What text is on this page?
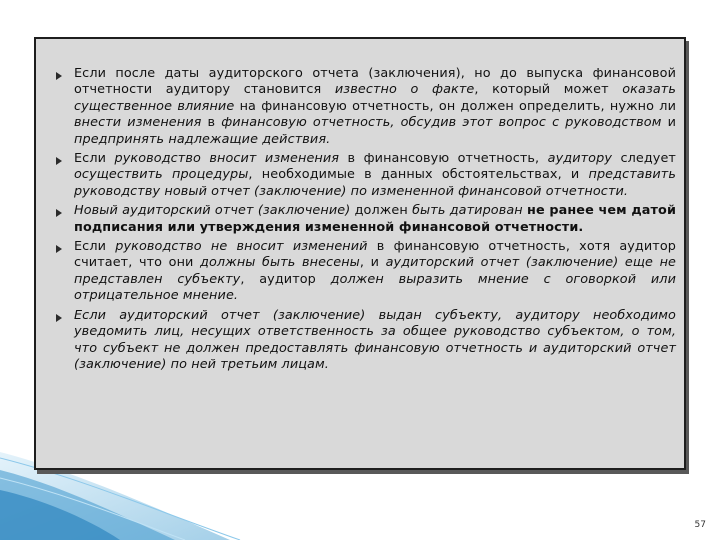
Если после даты аудиторского отчета (заключения), но до выпуска финансовой отчетности аудитору становится известно о факте, который может оказать существенное влияние на финансовую отчетность, он должен определить, нужно ли внести изменения в финансовую отчетность, обсудив этот вопрос с руководством и предпринять надлежащие действия.
Если руководство вносит изменения в финансовую отчетность, аудитору следует осуществить процедуры, необходимые в данных обстоятельствах, и представить руководству новый отчет (заключение) по измененной финансовой отчетности.
Новый аудиторский отчет (заключение) должен быть датирован не ранее чем датой подписания или утверждения измененной финансовой отчетности.
Если руководство не вносит изменений в финансовую отчетность, хотя аудитор считает, что они должны быть внесены, и аудиторский отчет (заключение) еще не представлен субъекту, аудитор должен выразить мнение с оговоркой или отрицательное мнение.
Если аудиторский отчет (заключение) выдан субъекту, аудитору необходимо уведомить лиц, несущих ответственность за общее руководство субъектом, о том, что субъект не должен предоставлять финансовую отчетность и аудиторский отчет (заключение) по ней третьим лицам.
57
